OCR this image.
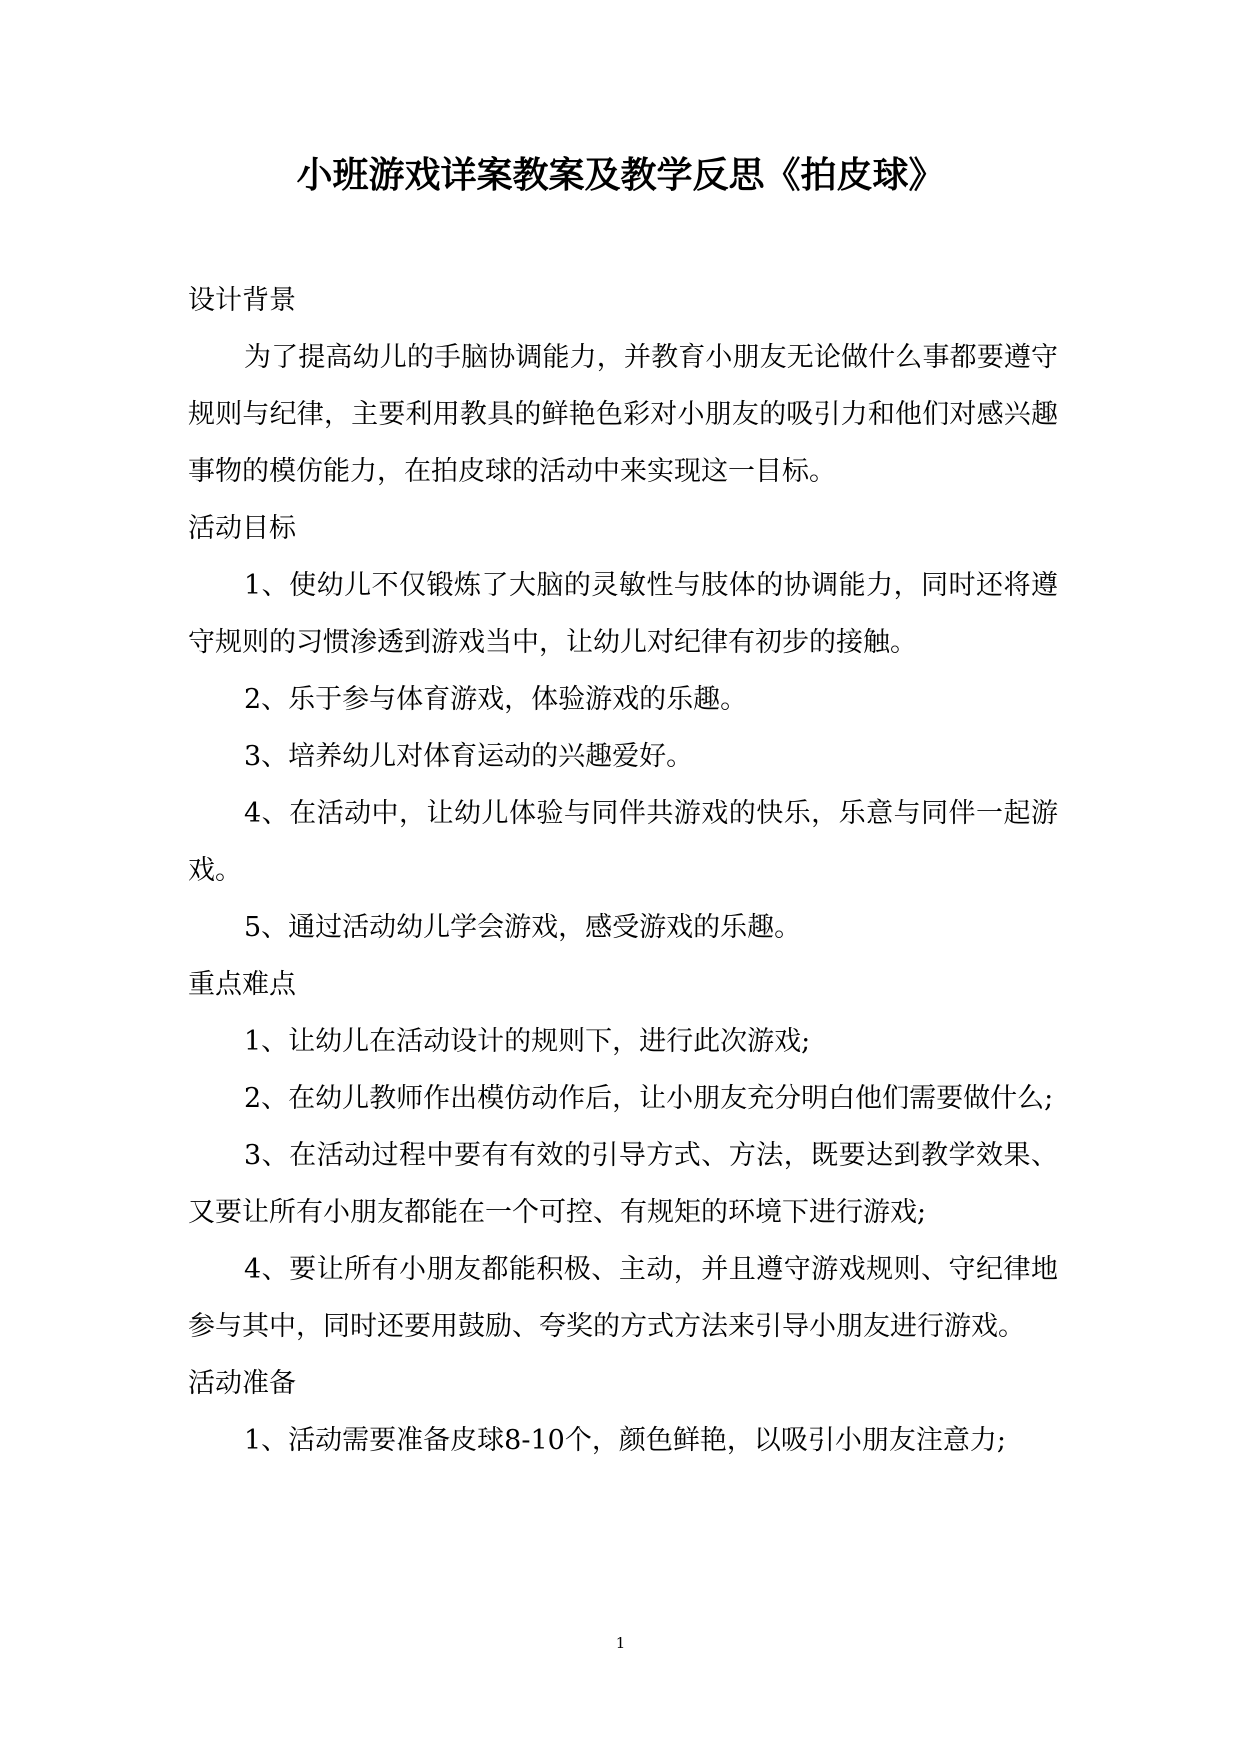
小班游戏详案教案及教学反思《拍皮球》

设计背景

为了提高幼儿的手脑协调能力，并教育小朋友无论做什么事都要遵守规则与纪律，主要利用教具的鲜艳色彩对小朋友的吸引力和他们对感兴趣事物的模仿能力，在拍皮球的活动中来实现这一目标。

活动目标

1、使幼儿不仅锻炼了大脑的灵敏性与肢体的协调能力，同时还将遵守规则的习惯渗透到游戏当中，让幼儿对纪律有初步的接触。

2、乐于参与体育游戏，体验游戏的乐趣。

3、培养幼儿对体育运动的兴趣爱好。

4、在活动中，让幼儿体验与同伴共游戏的快乐，乐意与同伴一起游戏。

5、通过活动幼儿学会游戏，感受游戏的乐趣。

重点难点

1、让幼儿在活动设计的规则下，进行此次游戏;

2、在幼儿教师作出模仿动作后，让小朋友充分明白他们需要做什么;

3、在活动过程中要有有效的引导方式、方法，既要达到教学效果、又要让所有小朋友都能在一个可控、有规矩的环境下进行游戏;

4、要让所有小朋友都能积极、主动，并且遵守游戏规则、守纪律地参与其中，同时还要用鼓励、夸奖的方式方法来引导小朋友进行游戏。

活动准备

1、活动需要准备皮球8-10个，颜色鲜艳，以吸引小朋友注意力;

1
